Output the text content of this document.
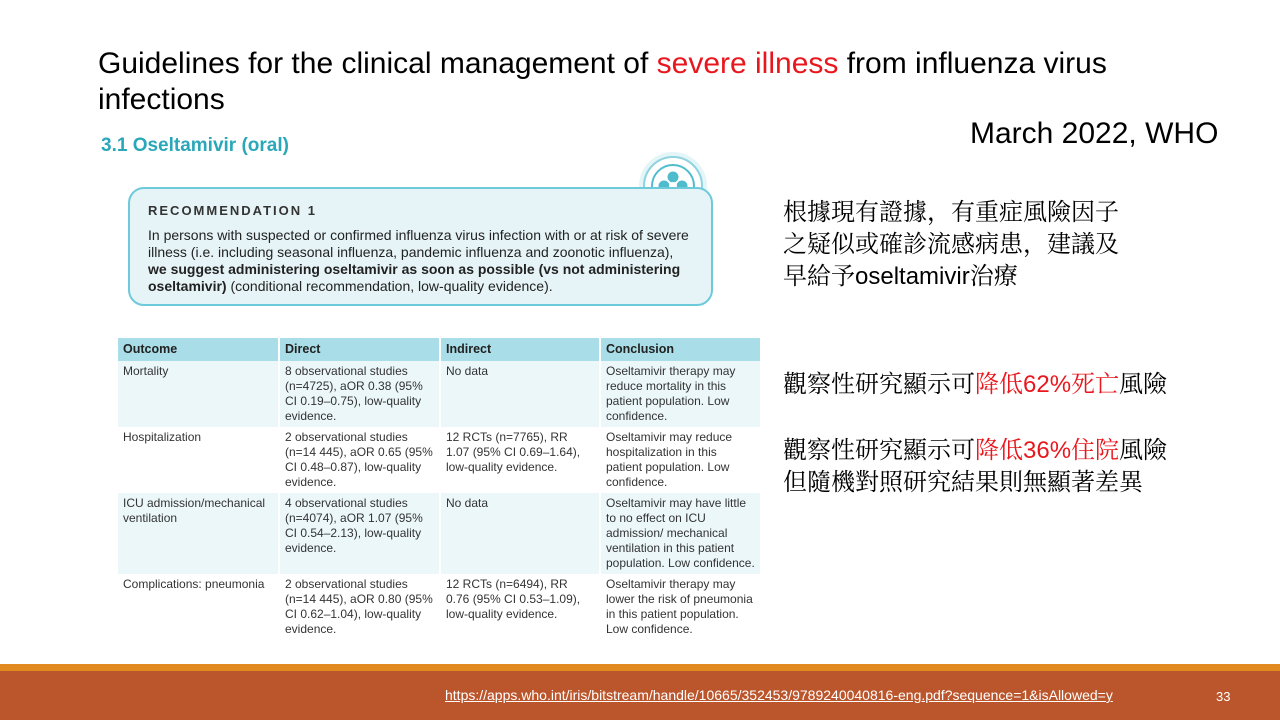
Guidelines for the clinical management of severe illness from influenza virus infections
March 2022, WHO
3.1 Oseltamivir (oral)
RECOMMENDATION 1
In persons with suspected or confirmed influenza virus infection with or at risk of severe illness (i.e. including seasonal influenza, pandemic influenza and zoonotic influenza), we suggest administering oseltamivir as soon as possible (vs not administering oseltamivir) (conditional recommendation, low-quality evidence).
Outcome	Direct	Indirect	Conclusion
Mortality	8 observational studies (n=4725), aOR 0.38 (95% CI 0.19–0.75), low-quality evidence.	No data	Oseltamivir therapy may reduce mortality in this patient population. Low confidence.
Hospitalization	2 observational studies (n=14 445), aOR 0.65 (95% CI 0.48–0.87), low-quality evidence.	12 RCTs (n=7765), RR 1.07 (95% CI 0.69–1.64), low-quality evidence.	Oseltamivir may reduce hospitalization in this patient population. Low confidence.
ICU admission/mechanical ventilation	4 observational studies (n=4074), aOR 1.07 (95% CI 0.54–2.13), low-quality evidence.	No data	Oseltamivir may have little to no effect on ICU admission/ mechanical ventilation in this patient population. Low confidence.
Complications: pneumonia	2 observational studies (n=14 445), aOR 0.80 (95% CI 0.62–1.04), low-quality evidence.	12 RCTs (n=6494), RR 0.76 (95% CI 0.53–1.09), low-quality evidence.	Oseltamivir therapy may lower the risk of pneumonia in this patient population. Low confidence.
根據現有證據，有重症風險因子
之疑似或確診流感病患，建議及
早給予oseltamivir治療
觀察性研究顯示可降低62%死亡風險
觀察性研究顯示可降低36%住院風險
但隨機對照研究結果則無顯著差異
https://apps.who.int/iris/bitstream/handle/10665/352453/9789240040816-eng.pdf?sequence=1&isAllowed=y	33
